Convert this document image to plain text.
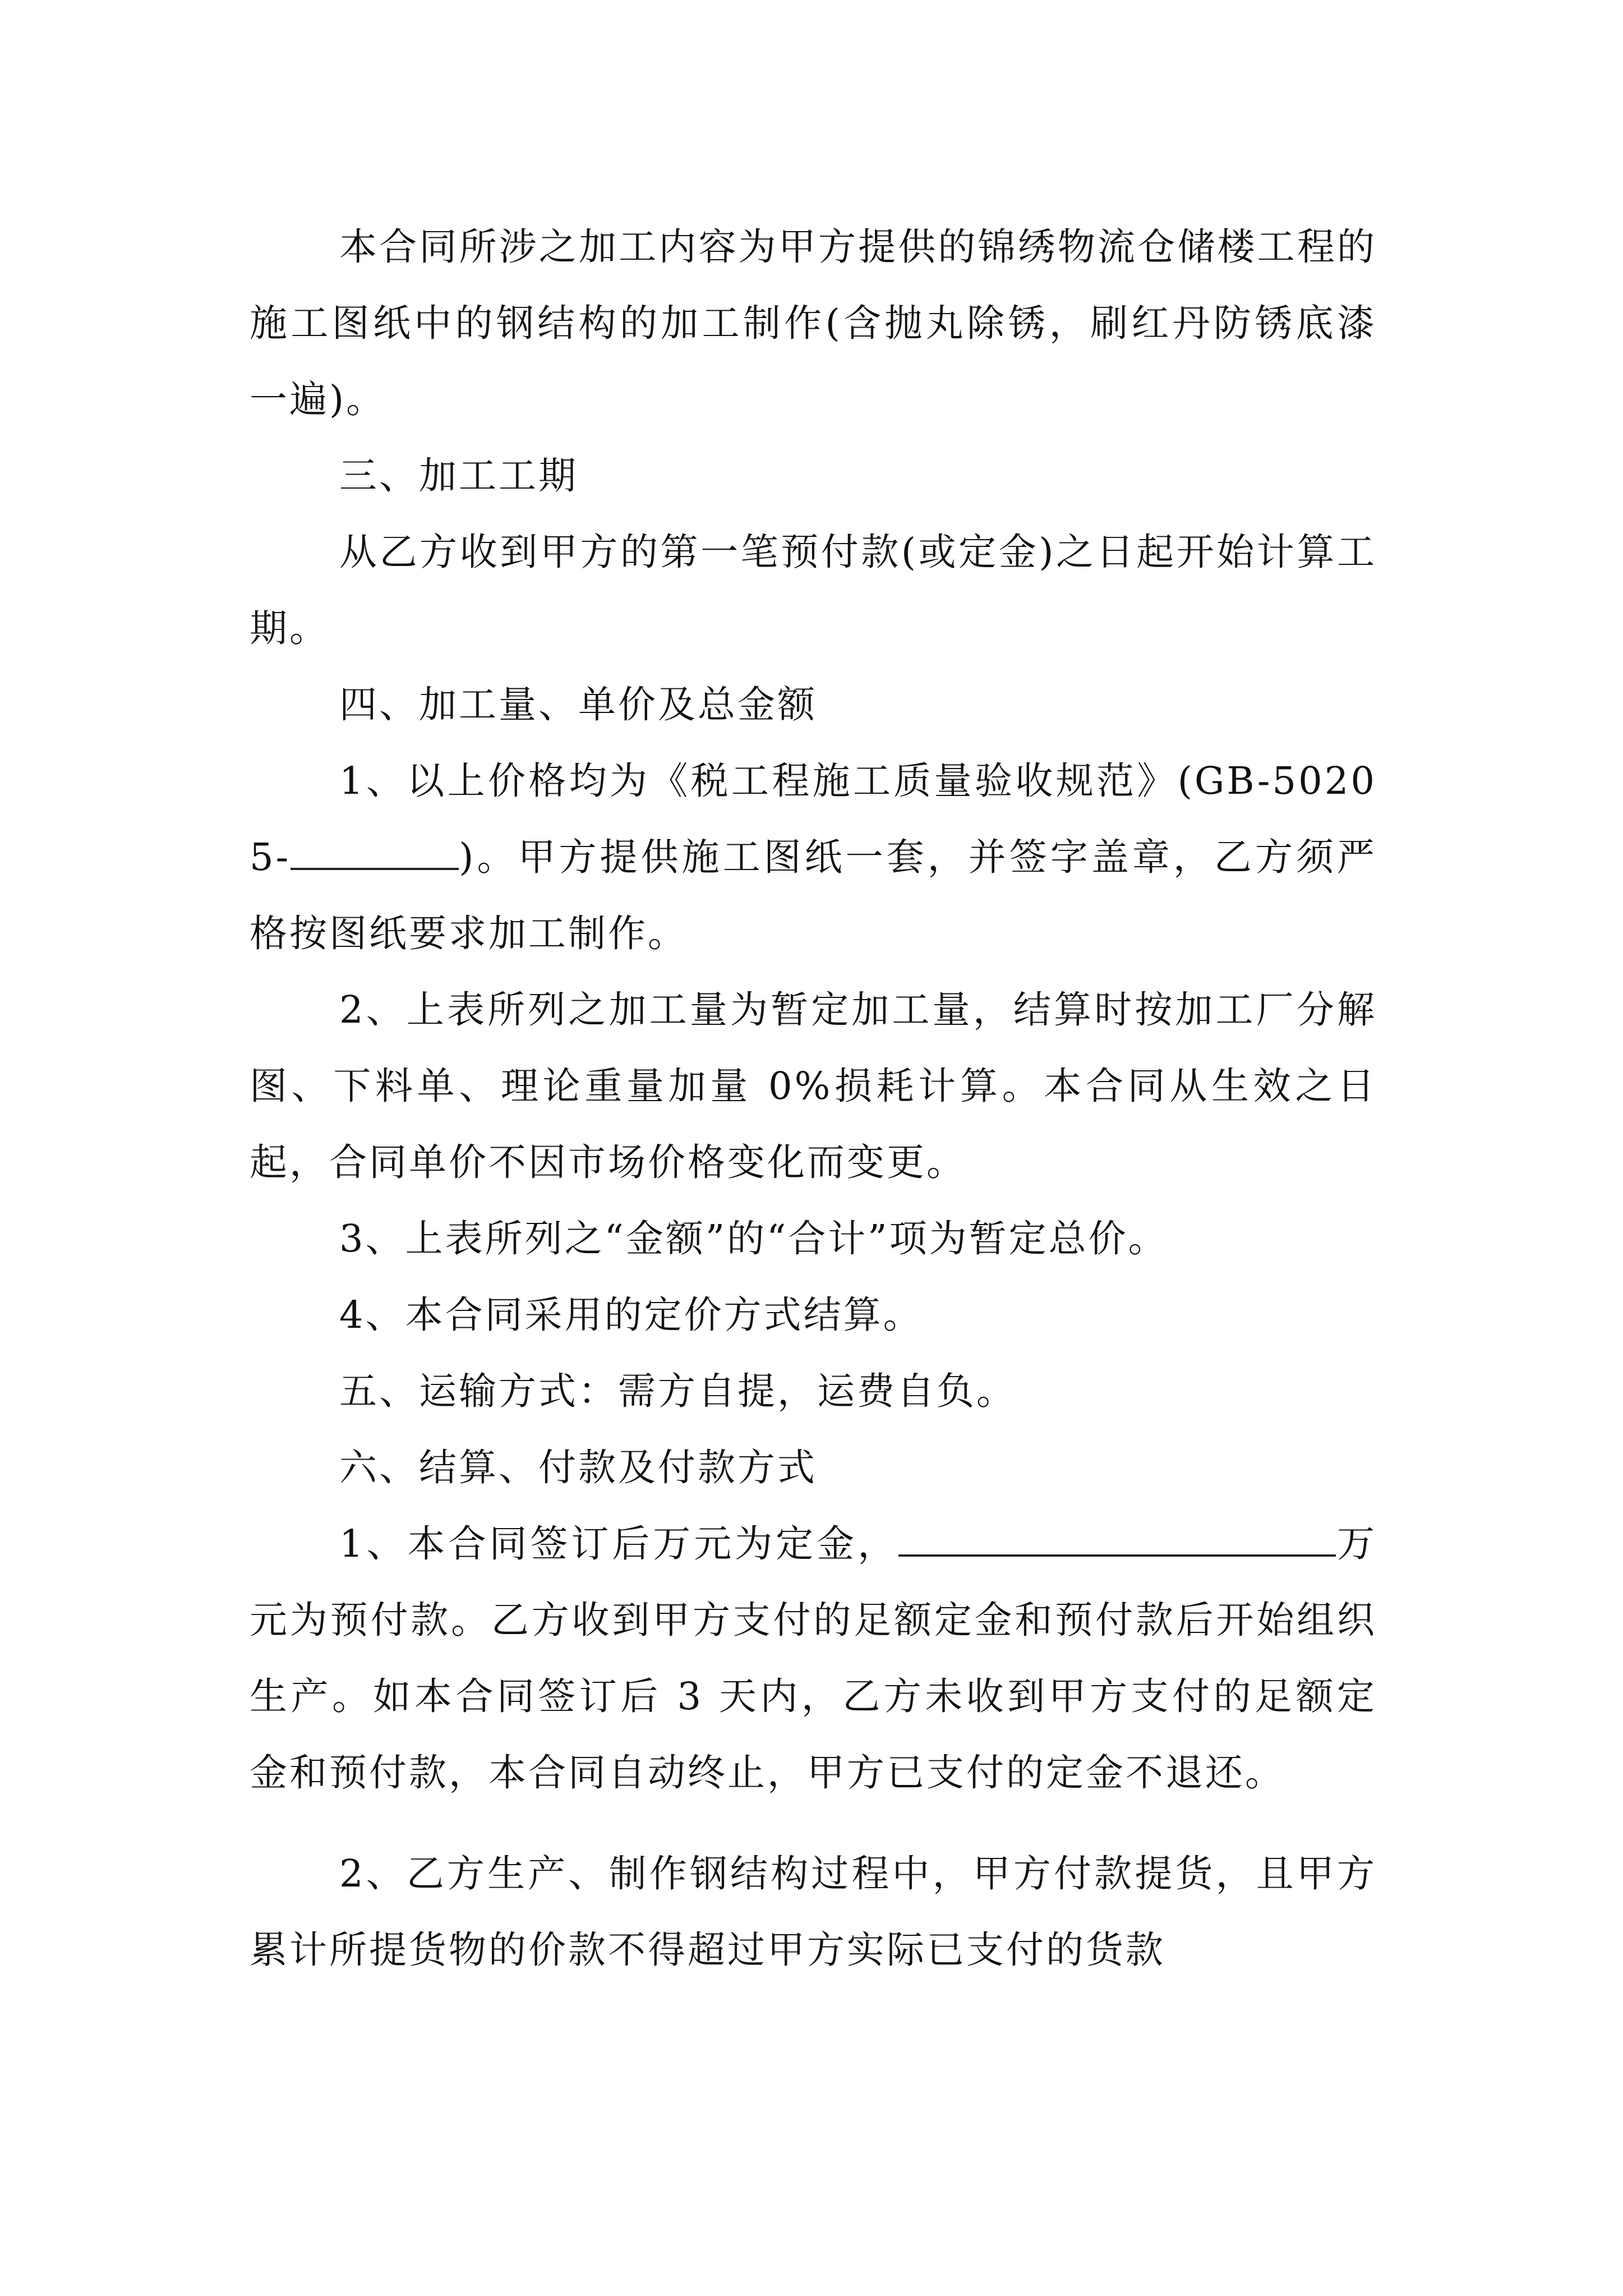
本合同所涉之加工内容为甲方提供的锦绣物流仓储楼工程的施工图纸中的钢结构的加工制作(含抛丸除锈，刷红丹防锈底漆一遍)。

三、加工工期

从乙方收到甲方的第一笔预付款(或定金)之日起开始计算工期。

四、加工量、单价及总金额

1、以上价格均为《税工程施工质量验收规范》(GB-50205-	)。甲方提供施工图纸一套，并签字盖章，乙方须严格按图纸要求加工制作。

2、上表所列之加工量为暂定加工量，结算时按加工厂分解图、下料单、理论重量加量 0%损耗计算。本合同从生效之日起，合同单价不因市场价格变化而变更。

3、上表所列之“金额”的“合计”项为暂定总价。

4、本合同采用的定价方式结算。

五、运输方式：需方自提，运费自负。

六、结算、付款及付款方式

1、本合同签订后万元为定金，	万元为预付款。乙方收到甲方支付的足额定金和预付款后开始组织生产。如本合同签订后 3 天内，乙方未收到甲方支付的足额定金和预付款，本合同自动终止，甲方已支付的定金不退还。

2、乙方生产、制作钢结构过程中，甲方付款提货，且甲方累计所提货物的价款不得超过甲方实际已支付的货款
